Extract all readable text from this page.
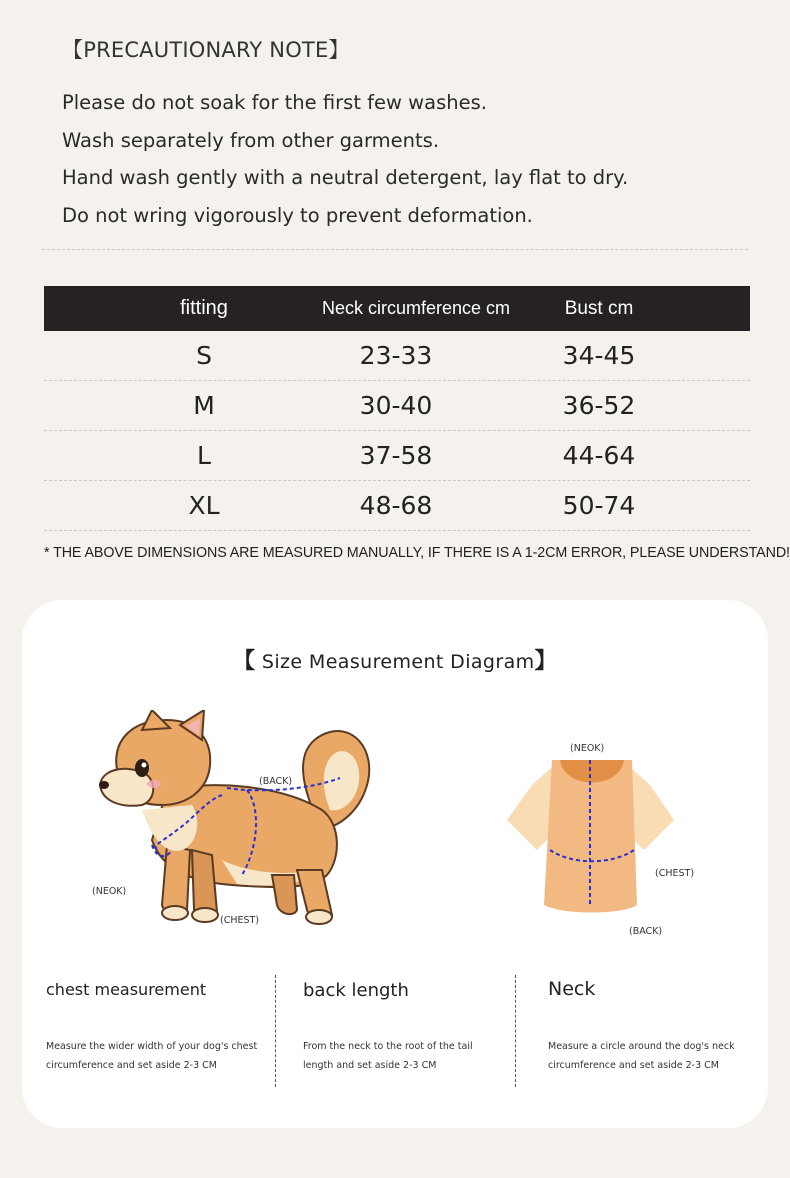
【PRECAUTIONARY NOTE】
Please do not soak for the first few washes.
Wash separately from other garments.
Hand wash gently with a neutral detergent, lay flat to dry.
Do not wring vigorously to prevent deformation.
fitting	Neck circumference cm	Bust cm
S	23-33	34-45
M	30-40	36-52
L	37-58	44-64
XL	48-68	50-74
* THE ABOVE DIMENSIONS ARE MEASURED MANUALLY, IF THERE IS A 1-2CM ERROR, PLEASE UNDERSTAND!
【 Size Measurement Diagram】
(BACK)
(NEOK)
(CHEST)
(NEOK)
(CHEST)
(BACK)
chest measurement
Measure the wider width of your dog's chest
circumference and set aside 2-3 CM
back length
From the neck to the root of the tail
length and set aside 2-3 CM
Neck
Measure a circle around the dog's neck
circumference and set aside 2-3 CM
